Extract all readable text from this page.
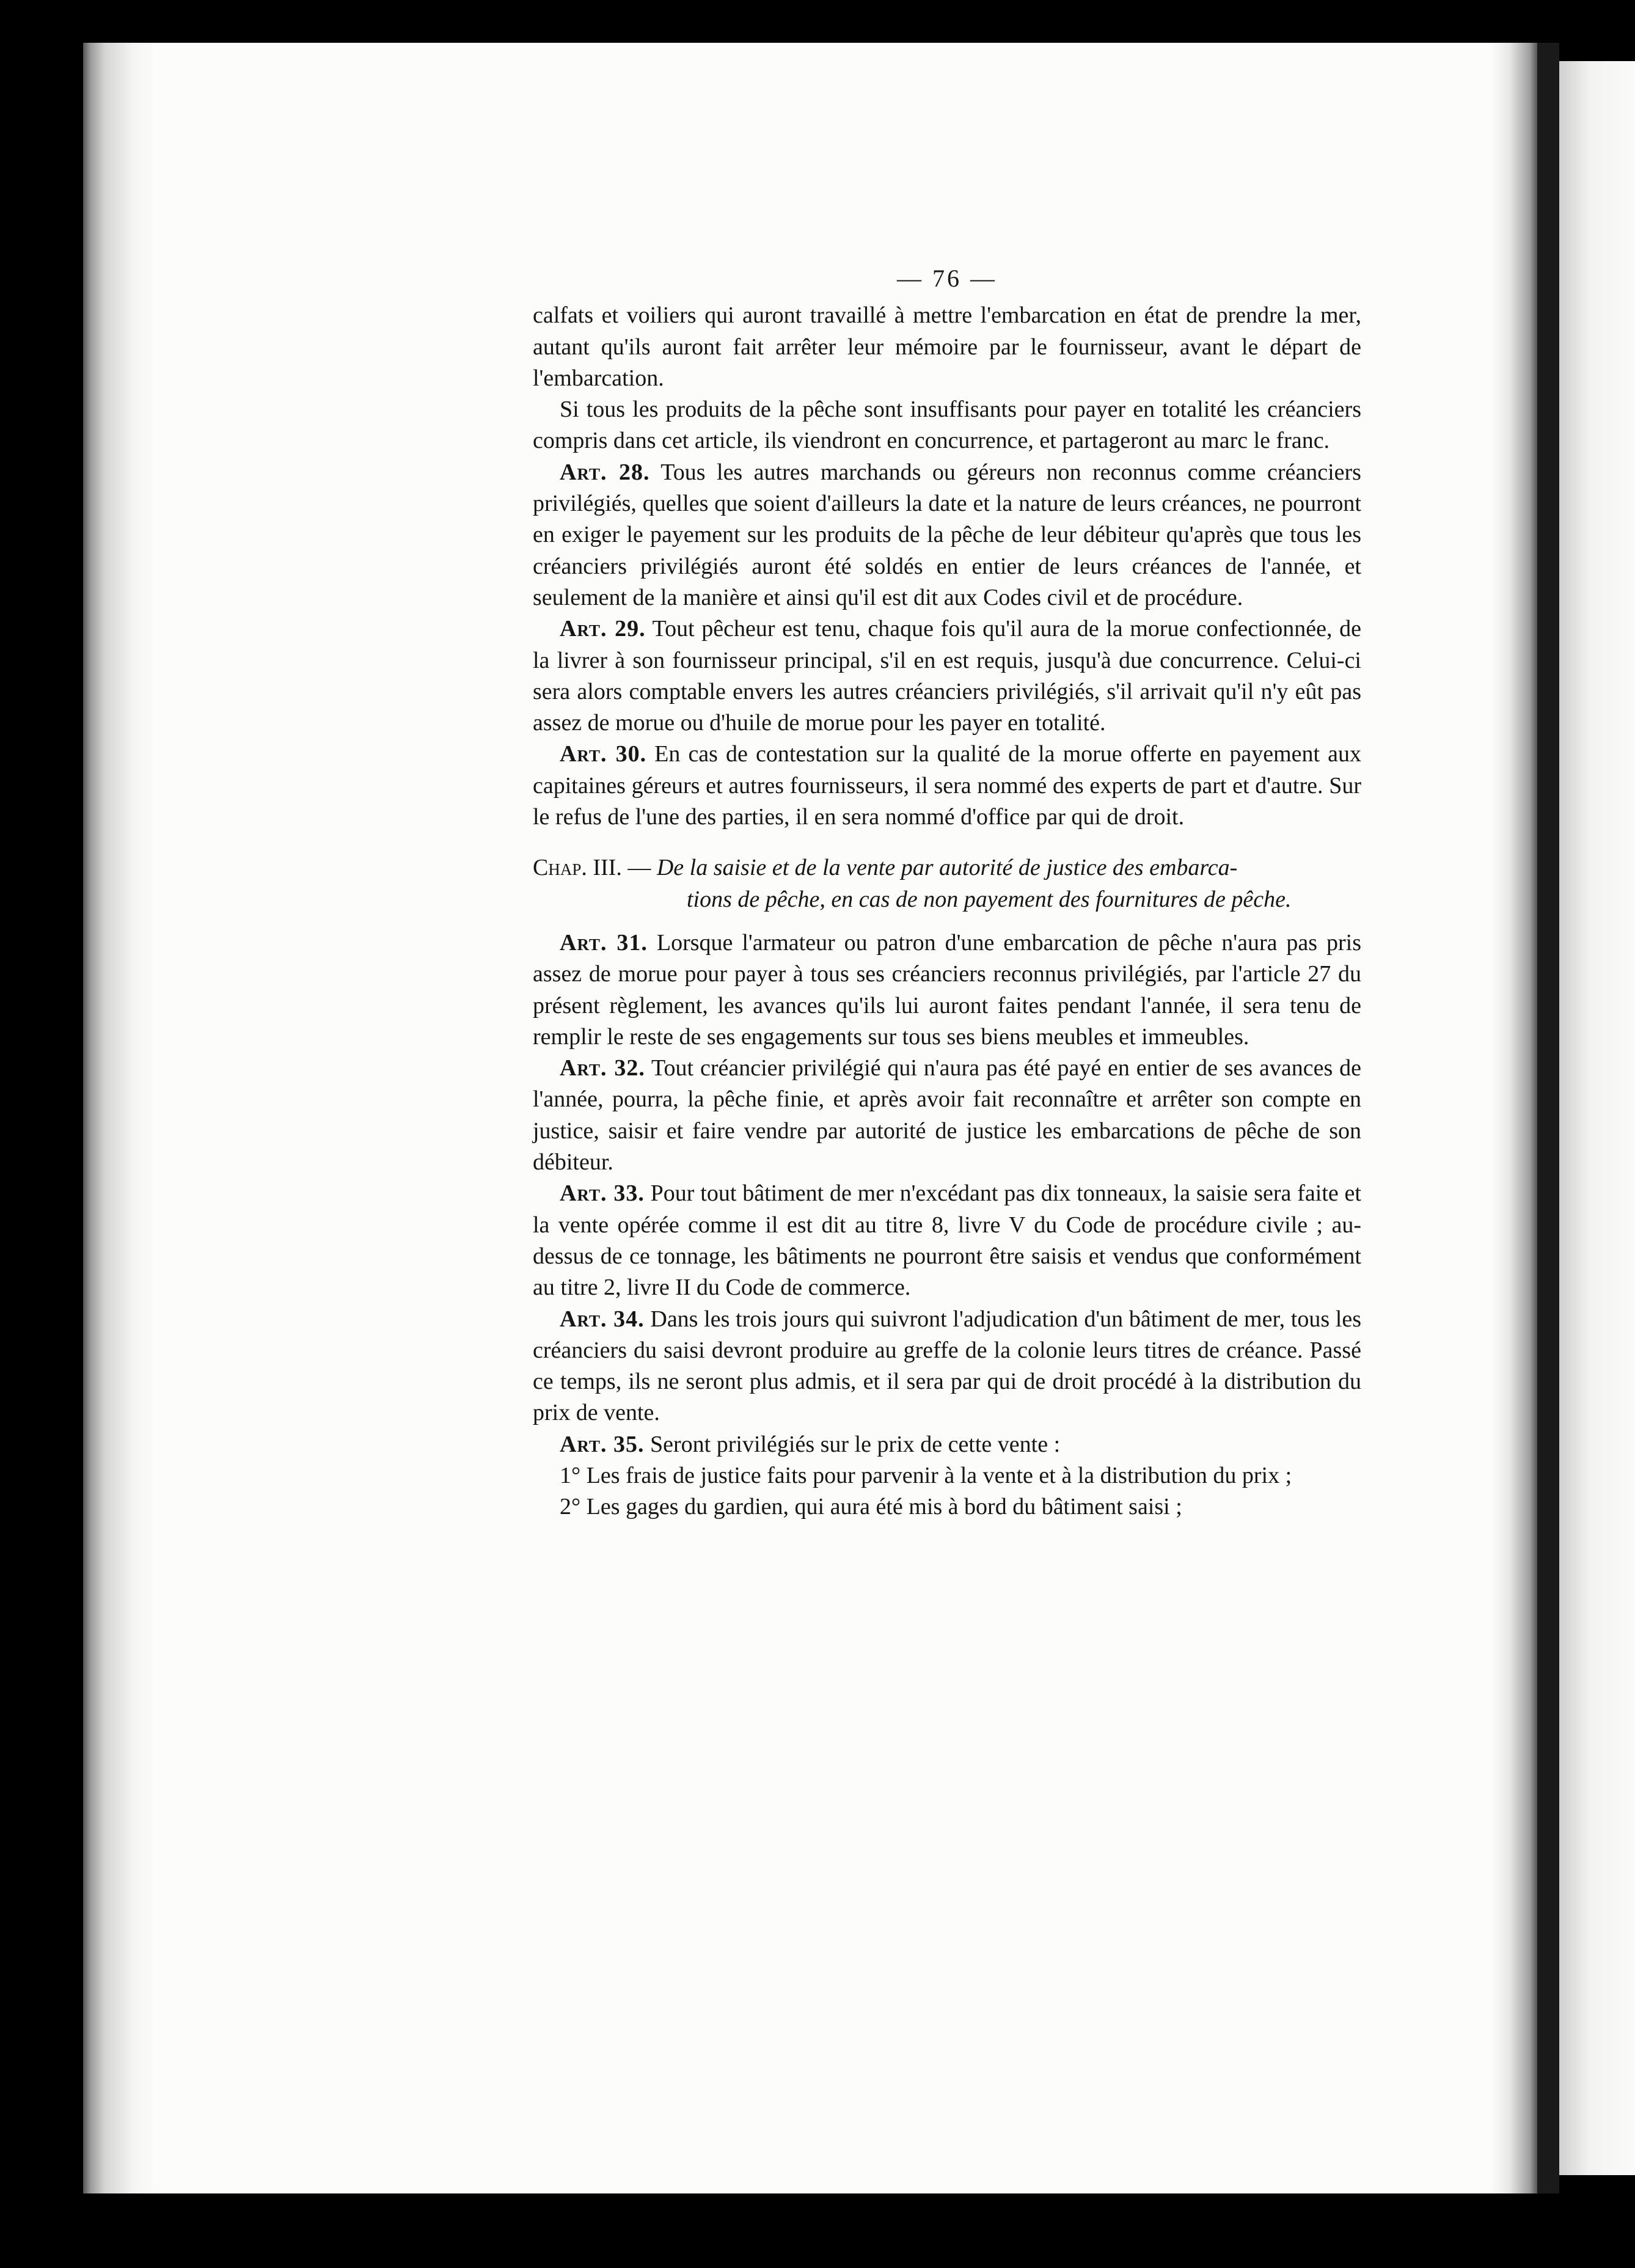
— 76 —

calfats et voiliers qui auront travaillé à mettre l'embarcation en état de prendre la mer, autant qu'ils auront fait arrêter leur mémoire par le fournisseur, avant le départ de l'embarcation.

Si tous les produits de la pêche sont insuffisants pour payer en totalité les créanciers compris dans cet article, ils viendront en concurrence, et partageront au marc le franc.

Art. 28. Tous les autres marchands ou géreurs non reconnus comme créanciers privilégiés, quelles que soient d'ailleurs la date et la nature de leurs créances, ne pourront en exiger le payement sur les produits de la pêche de leur débiteur qu'après que tous les créanciers privilégiés auront été soldés en entier de leurs créances de l'année, et seulement de la manière et ainsi qu'il est dit aux Codes civil et de procédure.

Art. 29. Tout pêcheur est tenu, chaque fois qu'il aura de la morue confectionnée, de la livrer à son fournisseur principal, s'il en est requis, jusqu'à due concurrence. Celui-ci sera alors comptable envers les autres créanciers privilégiés, s'il arrivait qu'il n'y eût pas assez de morue ou d'huile de morue pour les payer en totalité.

Art. 30. En cas de contestation sur la qualité de la morue offerte en payement aux capitaines géreurs et autres fournisseurs, il sera nommé des experts de part et d'autre. Sur le refus de l'une des parties, il en sera nommé d'office par qui de droit.

Chap. III. — De la saisie et de la vente par autorité de justice des embarca-
tions de pêche, en cas de non payement des fournitures de pêche.

Art. 31. Lorsque l'armateur ou patron d'une embarcation de pêche n'aura pas pris assez de morue pour payer à tous ses créanciers reconnus privilégiés, par l'article 27 du présent règlement, les avances qu'ils lui auront faites pendant l'année, il sera tenu de remplir le reste de ses engagements sur tous ses biens meubles et immeubles.

Art. 32. Tout créancier privilégié qui n'aura pas été payé en entier de ses avances de l'année, pourra, la pêche finie, et après avoir fait reconnaître et arrêter son compte en justice, saisir et faire vendre par autorité de justice les embarcations de pêche de son débiteur.

Art. 33. Pour tout bâtiment de mer n'excédant pas dix tonneaux, la saisie sera faite et la vente opérée comme il est dit au titre 8, livre V du Code de procédure civile ; au-dessus de ce tonnage, les bâtiments ne pourront être saisis et vendus que conformément au titre 2, livre II du Code de commerce.

Art. 34. Dans les trois jours qui suivront l'adjudication d'un bâtiment de mer, tous les créanciers du saisi devront produire au greffe de la colonie leurs titres de créance. Passé ce temps, ils ne seront plus admis, et il sera par qui de droit procédé à la distribution du prix de vente.

Art. 35. Seront privilégiés sur le prix de cette vente :

1° Les frais de justice faits pour parvenir à la vente et à la distribution du prix ;

2° Les gages du gardien, qui aura été mis à bord du bâtiment saisi ;
